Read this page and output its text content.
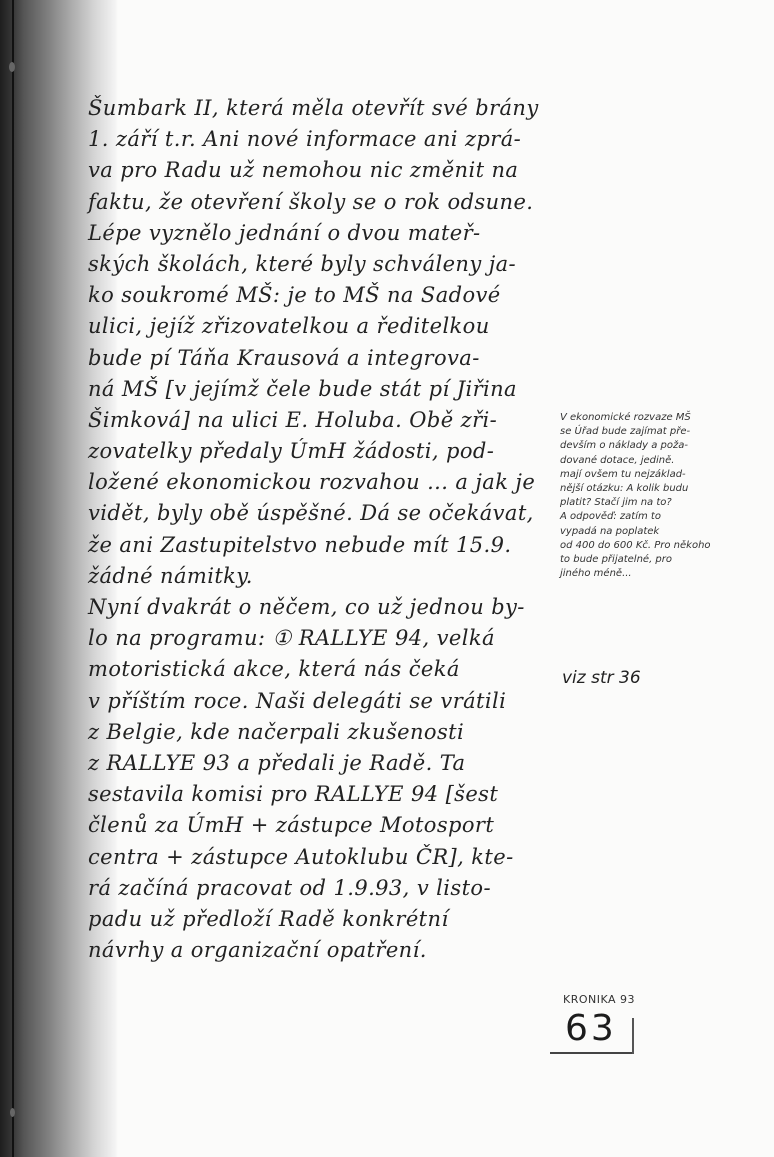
Šumbark II, která měla otevřít své brány
1. září t.r. Ani nové informace ani zprá-
va pro Radu už nemohou nic změnit na
faktu, že otevření školy se o rok odsune.
Lépe vyznělo jednání o dvou mateř-
ských školách, které byly schváleny ja-
ko soukromé MŠ: je to MŠ na Sadové
ulici, jejíž zřizovatelkou a ředitelkou
bude pí Táňa Krausová a integrova-
ná MŠ [v jejímž čele bude stát pí Jiřina
Šimková] na ulici E. Holuba. Obě zři-
zovatelky předaly ÚmH žádosti, pod-
ložené ekonomickou rozvahou ... a jak je
vidět, byly obě úspěšné. Dá se očekávat,
že ani Zastupitelstvo nebude mít 15.9.
žádné námitky.
Nyní dvakrát o něčem, co už jednou by-
lo na programu: ① RALLYE 94, velká
motoristická akce, která nás čeká
v příštím roce. Naši delegáti se vrátili
z Belgie, kde načerpali zkušenosti
z RALLYE 93 a předali je Radě. Ta
sestavila komisi pro RALLYE 94 [šest
členů za ÚmH + zástupce Motosport
centra + zástupce Autoklubu ČR], kte-
rá začíná pracovat od 1.9.93, v listo-
padu už předloží Radě konkrétní
návrhy a organizační opatření.
V ekonomické rozvaze MŠ
se Úřad bude zajímat pře-
devším o náklady a poža-
dované dotace, jedině.
mají ovšem tu nejzáklad-
nější otázku: A kolik budu
platit? Stačí jim na to?
A odpověď: zatím to
vypadá na poplatek
od 400 do 600 Kč. Pro někoho
to bude přijatelné, pro
jiného méně...
viz str 36
KRONIKA 93
63
